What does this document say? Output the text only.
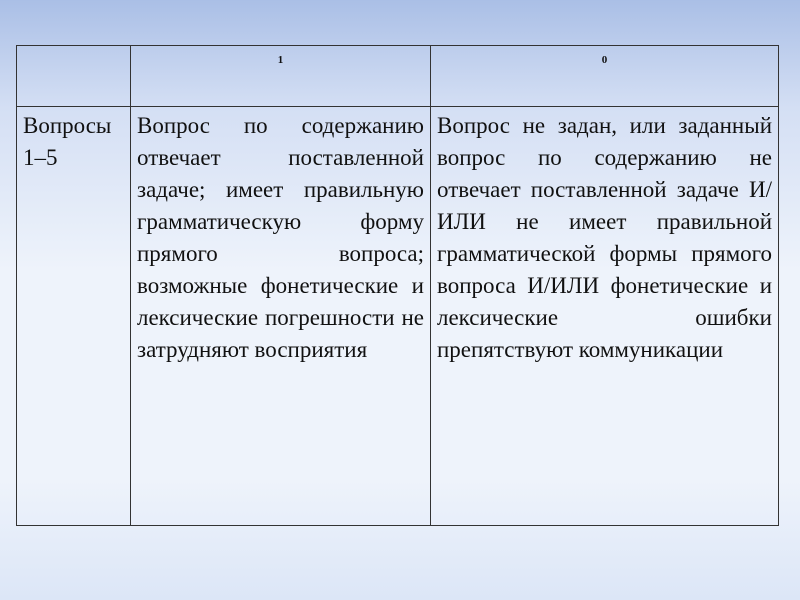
	1	0
Вопросы 1–5	Вопрос по содержанию отвечает поставленной задаче; имеет правильную грамматическую форму прямого вопроса; возможные фонетические и лексические погрешности не затрудняют восприятия	Вопрос не задан, или заданный вопрос по содержанию не отвечает поставленной задаче И/ИЛИ не имеет правильной грамматической формы прямого вопроса И/ИЛИ фонетические и лексические ошибки препятствуют коммуникации
